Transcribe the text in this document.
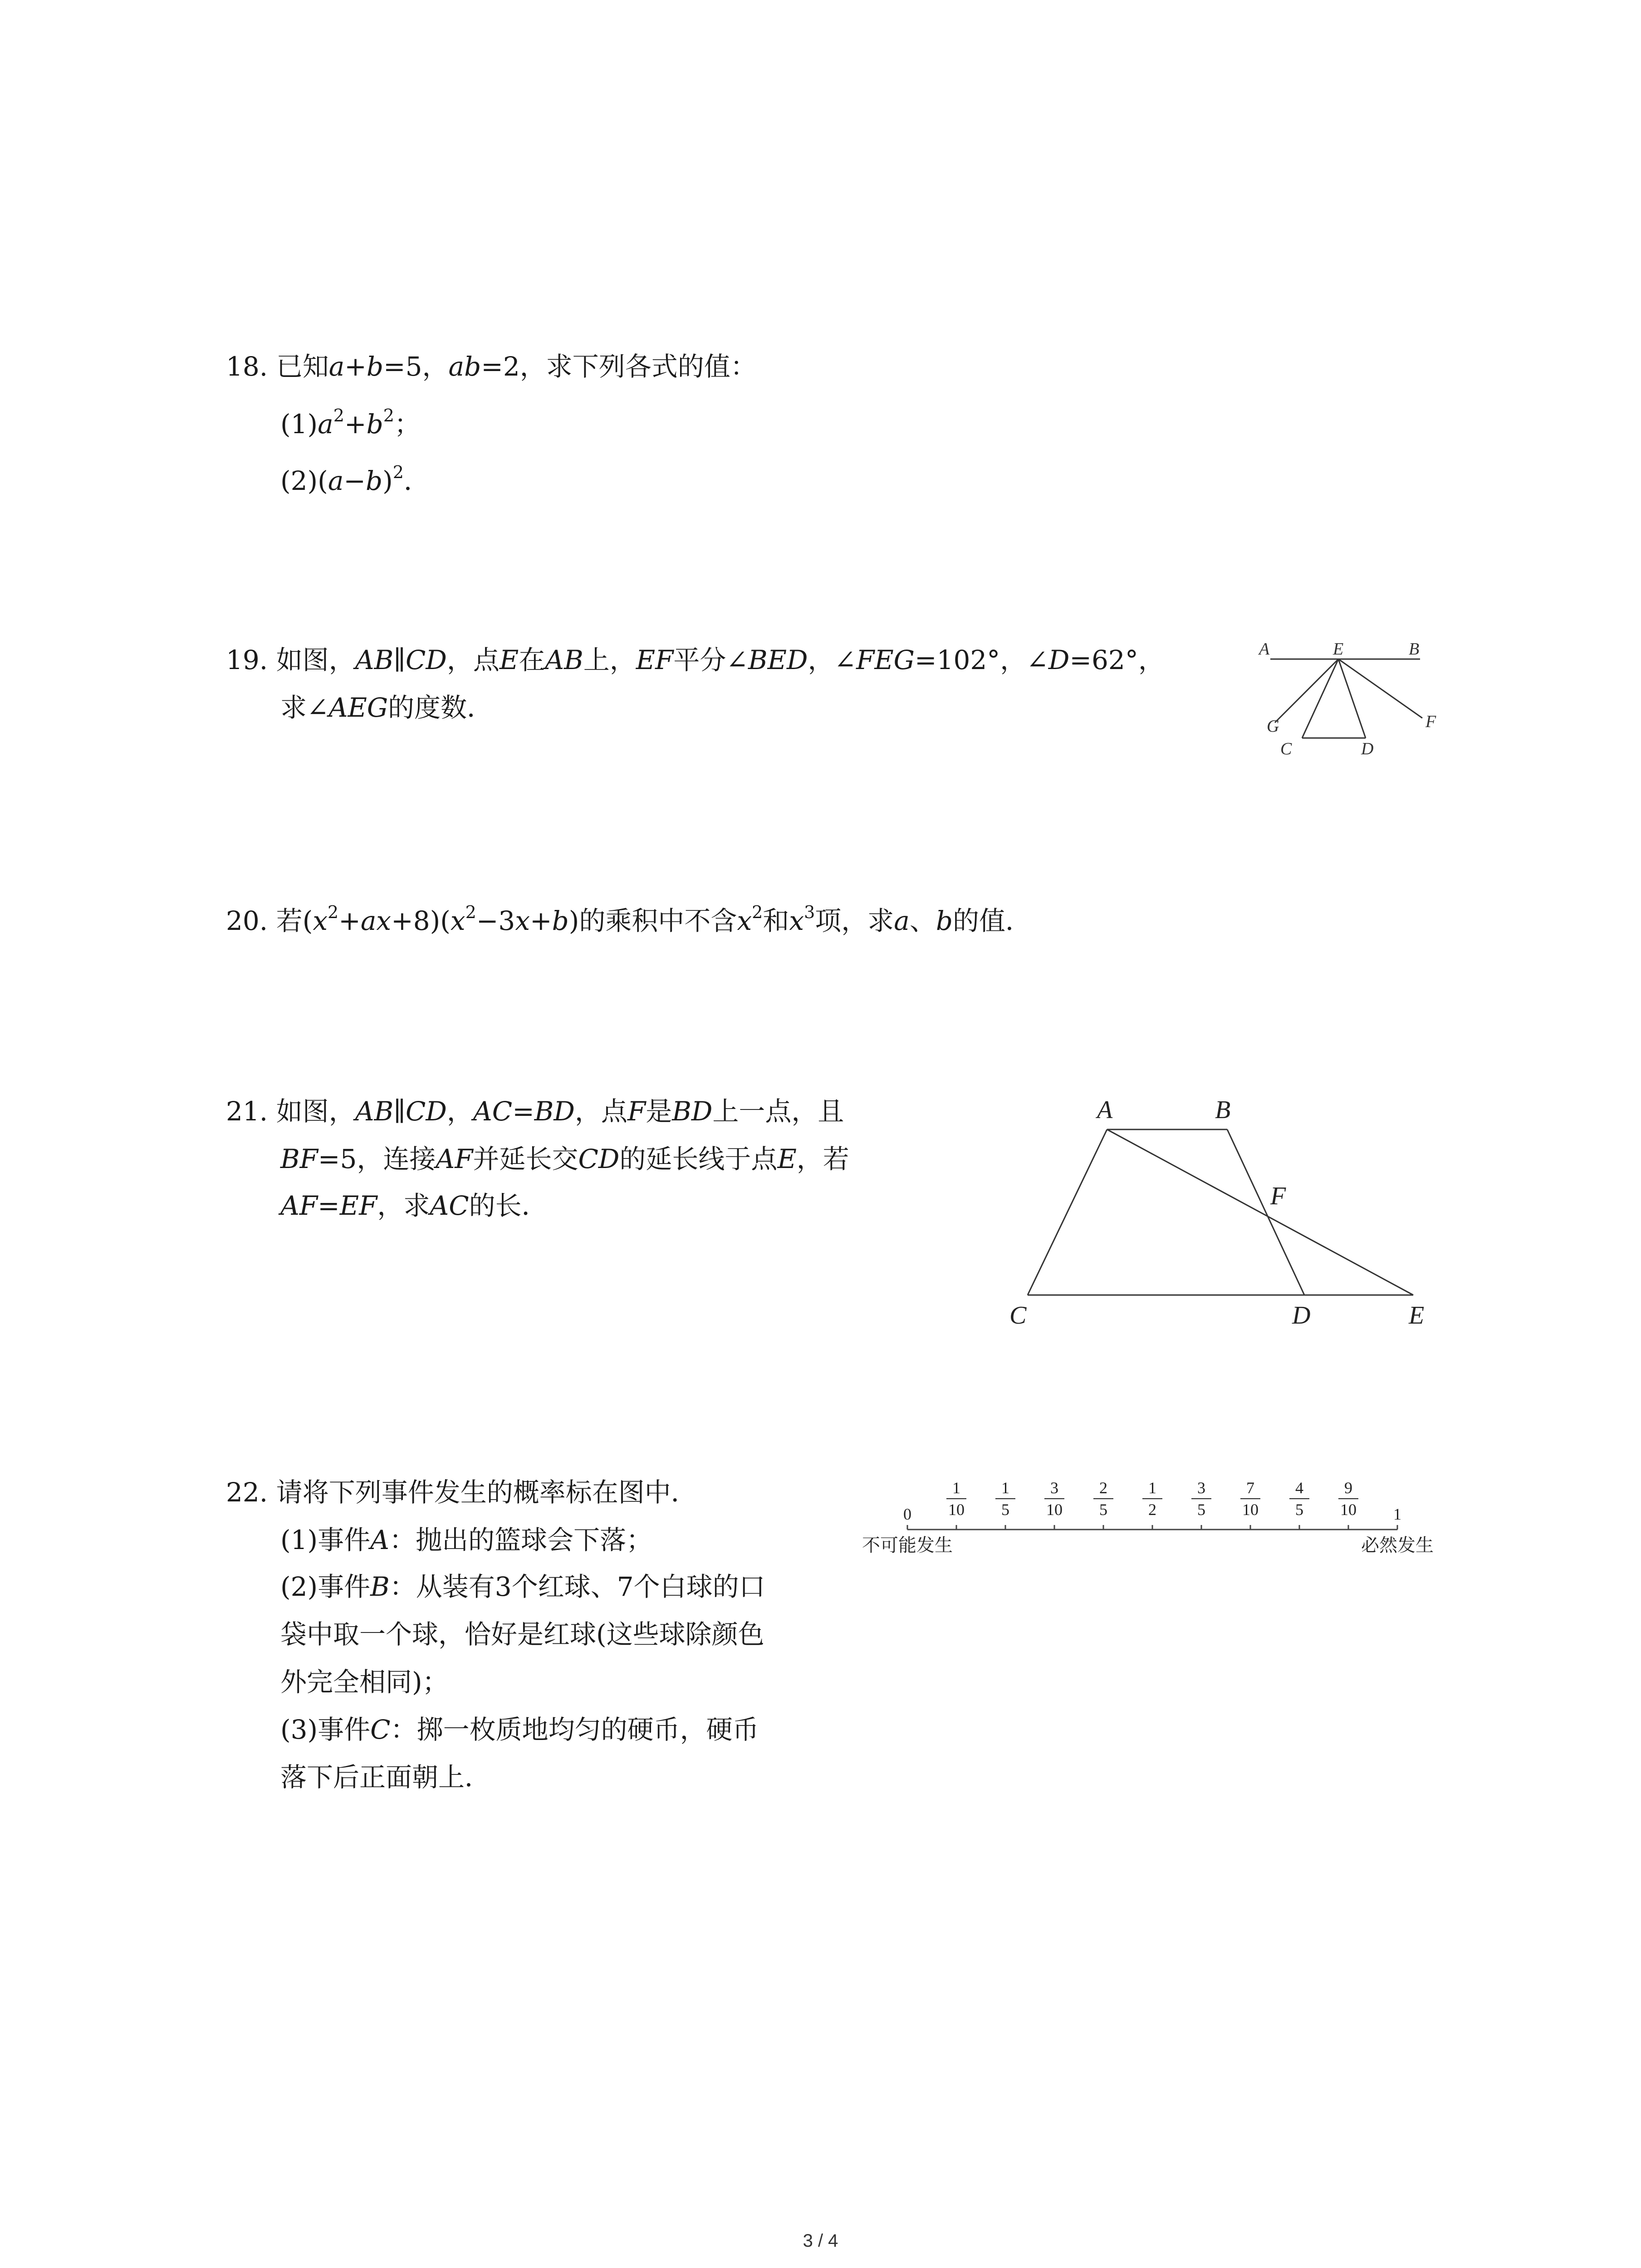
18. 已知a+b=5，ab=2，求下列各式的值：
$(1)a^2+b^2$；
$(2)(a-b)^2$．
19. 如图，AB∥CD，点E在AB上，EF平分∠BED，∠FEG=102°，∠D=62°，
求∠AEG的度数．
A	E	B
G
C	D
F
20. 若$(x^2+ax+8)(x^2-3x+b)$的乘积中不含$x^2$和$x^3$项，求a、b的值．
21. 如图，AB∥CD，AC=BD，点F是BD上一点，且
BF=5，连接AF并延长交CD的延长线于点E，若
AF=EF，求AC的长．
A	B
F
C	D	E
22. 请将下列事件发生的概率标在图中．
(1)事件A：抛出的篮球会下落；
(2)事件B：从装有3个红球、7个白球的口
袋中取一个球，恰好是红球(这些球除颜色
外完全相同)；
(3)事件C：掷一枚质地均匀的硬币，硬币
落下后正面朝上．
0
1
10
1
5
3
10
2
5
1
2
3
5
7
10
4
5
9
10 1
不可能发生	必然发生
3 / 4
